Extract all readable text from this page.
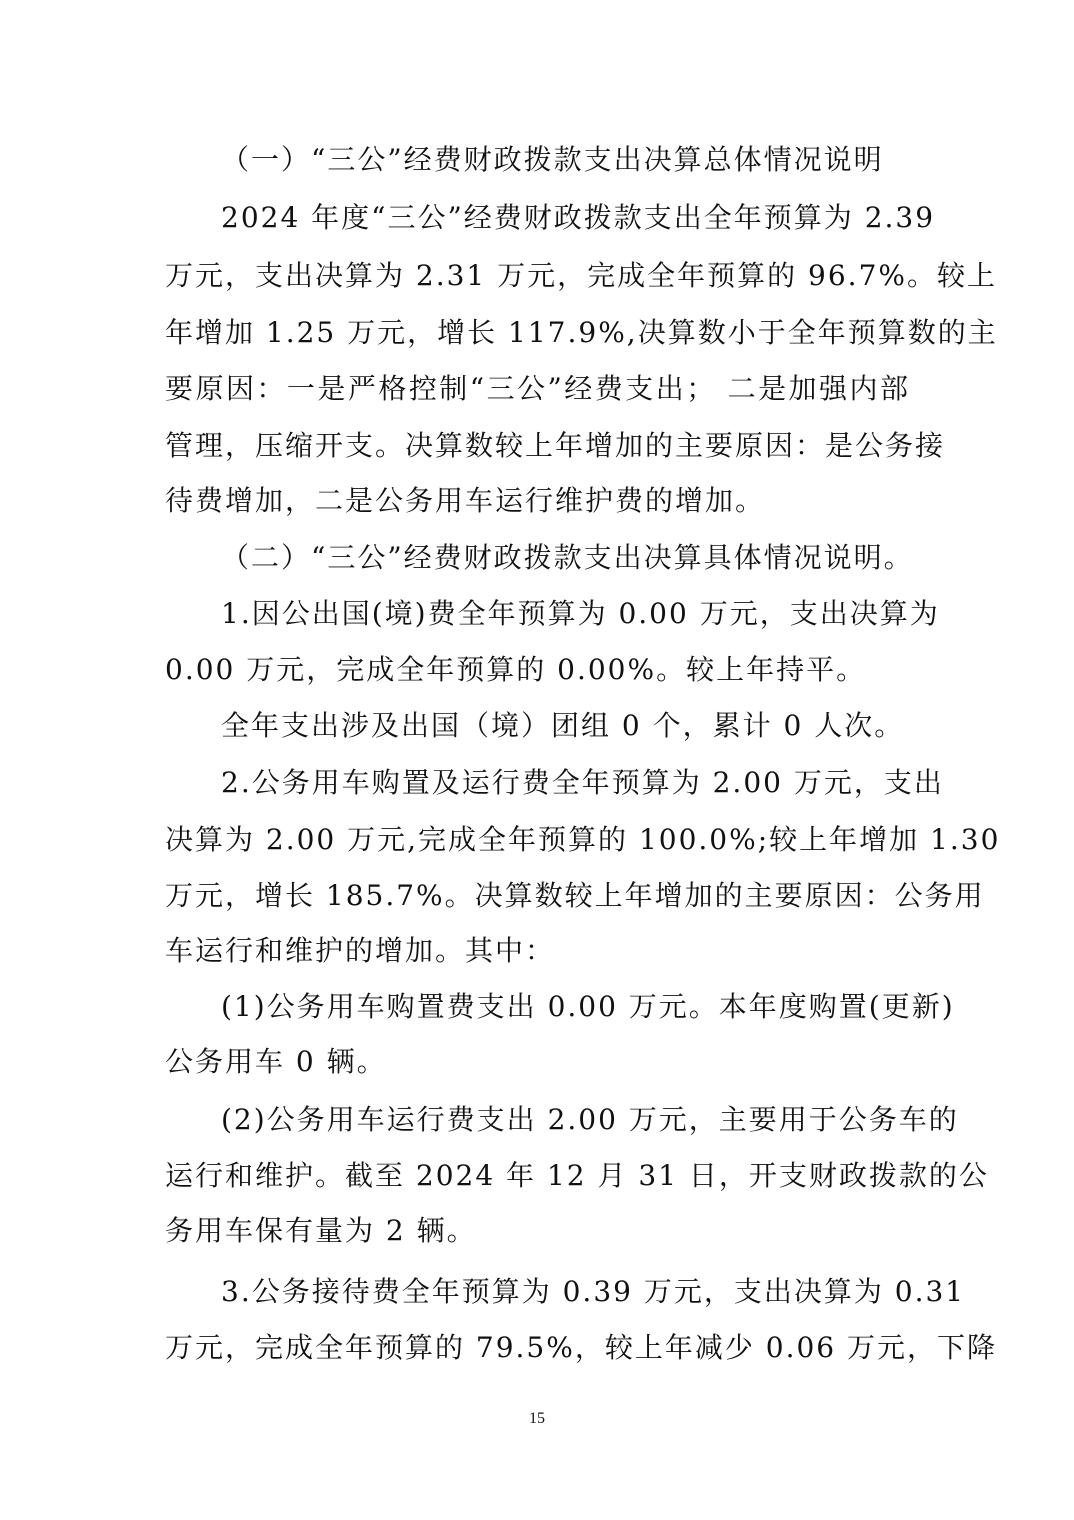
（一）“三公”经费财政拨款支出决算总体情况说明
2024 年度“三公”经费财政拨款支出全年预算为 2.39
万元，支出决算为 2.31 万元，完成全年预算的 96.7%。较上
年增加 1.25 万元，增长 117.9%,决算数小于全年预算数的主
要原因：一是严格控制“三公”经费支出； 二是加强内部
管理，压缩开支。决算数较上年增加的主要原因：是公务接
待费增加，二是公务用车运行维护费的增加。
（二）“三公”经费财政拨款支出决算具体情况说明。
1.因公出国(境)费全年预算为 0.00 万元，支出决算为
0.00 万元，完成全年预算的 0.00%。较上年持平。
全年支出涉及出国（境）团组 0 个，累计 0 人次。
2.公务用车购置及运行费全年预算为 2.00 万元，支出
决算为 2.00 万元,完成全年预算的 100.0%;较上年增加 1.30
万元，增长 185.7%。决算数较上年增加的主要原因：公务用
车运行和维护的增加。其中：
(1)公务用车购置费支出 0.00 万元。本年度购置(更新)
公务用车 0 辆。
(2)公务用车运行费支出 2.00 万元，主要用于公务车的
运行和维护。截至 2024 年 12 月 31 日，开支财政拨款的公
务用车保有量为 2 辆。
3.公务接待费全年预算为 0.39 万元，支出决算为 0.31
万元，完成全年预算的 79.5%，较上年减少 0.06 万元，下降
15
